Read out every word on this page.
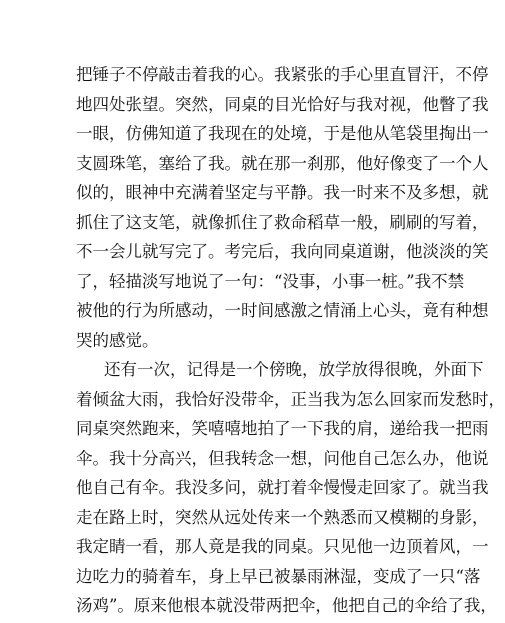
把锤子不停敲击着我的心。我紧张的手心里直冒汗，不停
地四处张望。突然，同桌的目光恰好与我对视，他瞥了我
一眼，仿佛知道了我现在的处境，于是他从笔袋里掏出一
支圆珠笔，塞给了我。就在那一刹那，他好像变了一个人
似的，眼神中充满着坚定与平静。我一时来不及多想，就
抓住了这支笔，就像抓住了救命稻草一般，刷刷的写着，
不一会儿就写完了。考完后，我向同桌道谢，他淡淡的笑
了，轻描淡写地说了一句：“没事，小事一桩。”我不禁
被他的行为所感动，一时间感激之情涌上心头，竟有种想
哭的感觉。
还有一次，记得是一个傍晚，放学放得很晚，外面下
着倾盆大雨，我恰好没带伞，正当我为怎么回家而发愁时，
同桌突然跑来，笑嘻嘻地拍了一下我的肩，递给我一把雨
伞。我十分高兴，但我转念一想，问他自己怎么办，他说
他自己有伞。我没多问，就打着伞慢慢走回家了。就当我
走在路上时，突然从远处传来一个熟悉而又模糊的身影，
我定睛一看，那人竟是我的同桌。只见他一边顶着风，一
边吃力的骑着车，身上早已被暴雨淋湿，变成了一只“落
汤鸡”。原来他根本就没带两把伞，他把自己的伞给了我，
